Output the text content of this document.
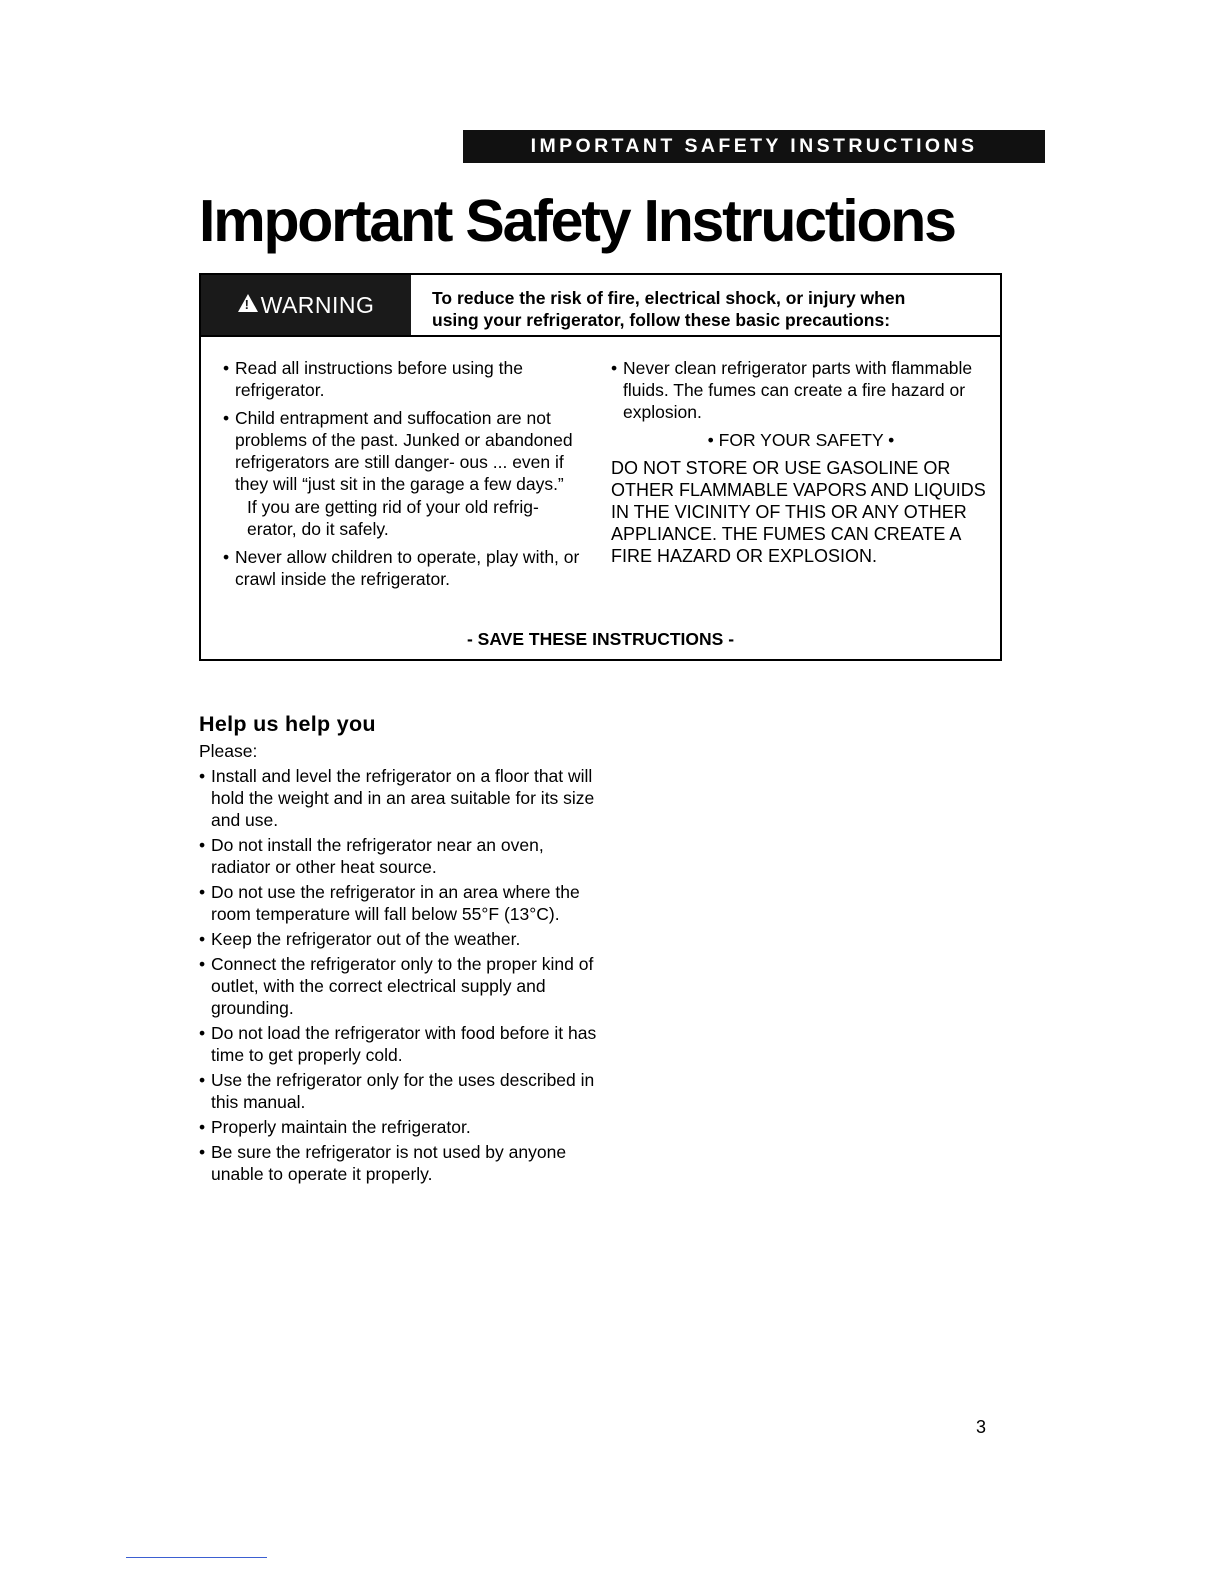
IMPORTANT SAFETY INSTRUCTIONS
Important Safety Instructions
!
WARNING	To reduce the risk of fire, electrical shock, or injury when
using your refrigerator, follow these basic precautions:
• Read all instructions before using the refrigerator.
• Child entrapment and suffocation are not problems of the past. Junked or abandoned refrigerators are still danger- ous ... even if they will “just sit in the garage a few days.”
If you are getting rid of your old refrig- erator, do it safely.
• Never allow children to operate, play with, or crawl inside the refrigerator.
• Never clean refrigerator parts with flammable fluids. The fumes can create a fire hazard or explosion.
• FOR YOUR SAFETY •
DO NOT STORE OR USE GASOLINE OR OTHER FLAMMABLE VAPORS AND LIQUIDS IN THE VICINITY OF THIS OR ANY OTHER APPLIANCE. THE FUMES CAN CREATE A FIRE HAZARD OR EXPLOSION.
- SAVE THESE INSTRUCTIONS -
Help us help you
Please:
• Install and level the refrigerator on a floor that will hold the weight and in an area suitable for its size and use.
• Do not install the refrigerator near an oven, radiator or other heat source.
• Do not use the refrigerator in an area where the room temperature will fall below 55°F (13°C).
• Keep the refrigerator out of the weather.
• Connect the refrigerator only to the proper kind of outlet, with the correct electrical supply and grounding.
• Do not load the refrigerator with food before it has time to get properly cold.
• Use the refrigerator only for the uses described in this manual.
• Properly maintain the refrigerator.
• Be sure the refrigerator is not used by anyone unable to operate it properly.
3
